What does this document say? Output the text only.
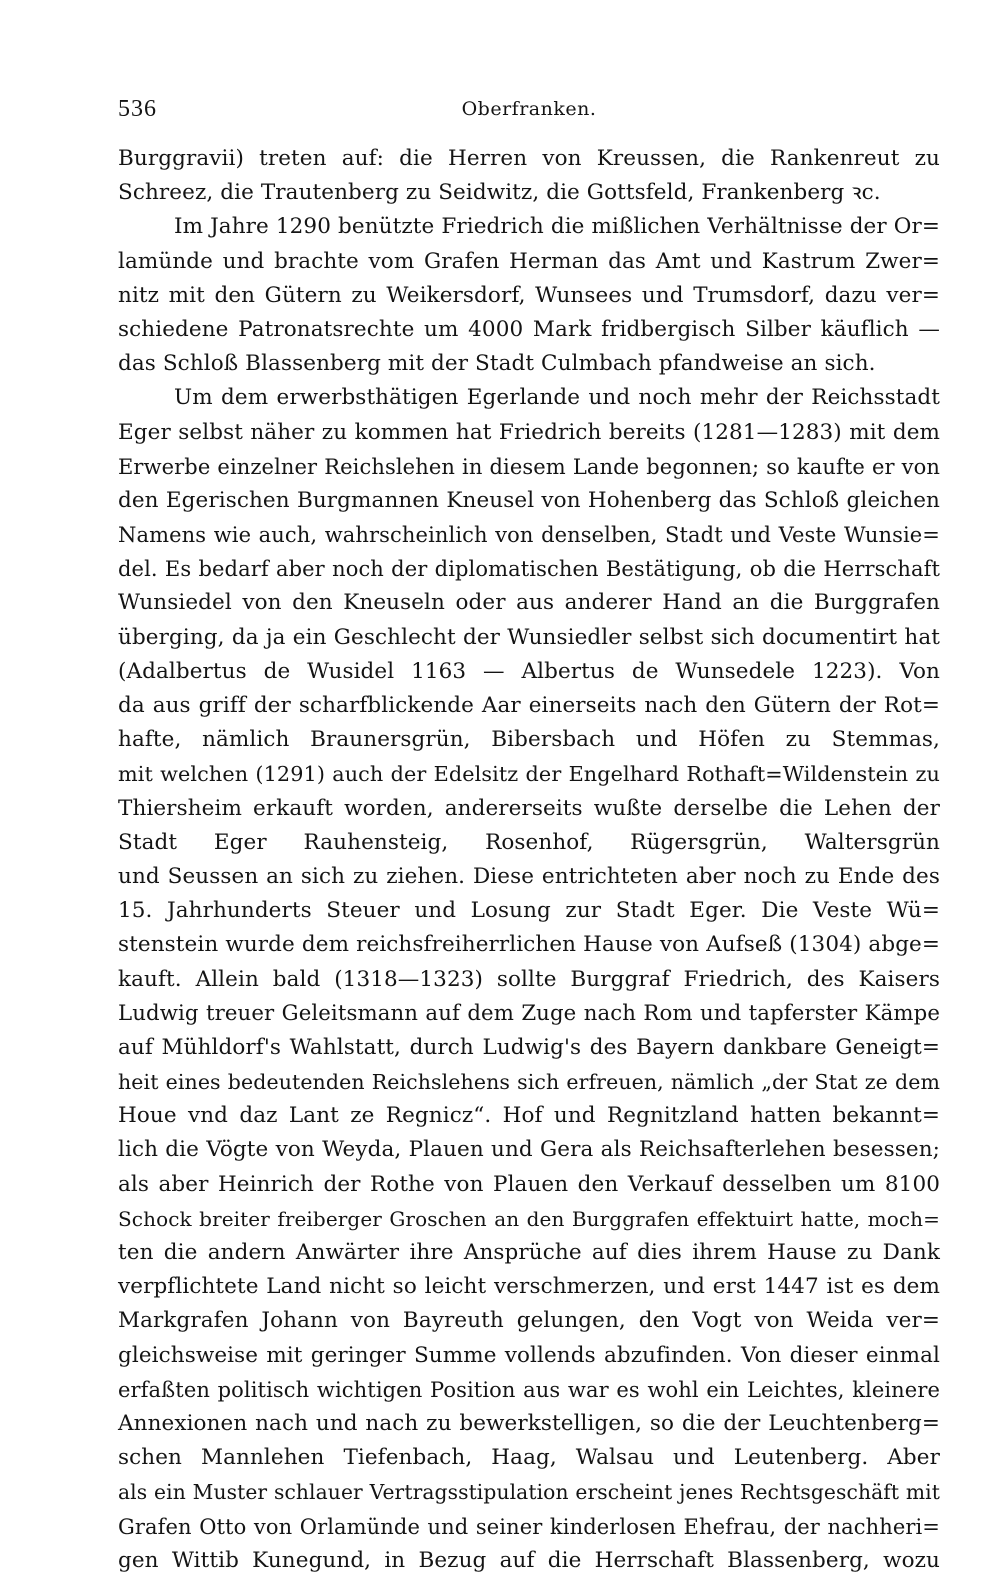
536	Oberfranken.
Burggravii) treten auf: die Herren von Kreussen, die Rankenreut zu
Schreez, die Trautenberg zu Seidwitz, die Gottsfeld, Frankenberg ꝛc.
Im Jahre 1290 benützte Friedrich die mißlichen Verhältnisse der Or=
lamünde und brachte vom Grafen Herman das Amt und Kastrum Zwer=
nitz mit den Gütern zu Weikersdorf, Wunsees und Trumsdorf, dazu ver=
schiedene Patronatsrechte um 4000 Mark fridbergisch Silber käuflich —
das Schloß Blassenberg mit der Stadt Culmbach pfandweise an sich.
Um dem erwerbsthätigen Egerlande und noch mehr der Reichsstadt
Eger selbst näher zu kommen hat Friedrich bereits (1281—1283) mit dem
Erwerbe einzelner Reichslehen in diesem Lande begonnen; so kaufte er von
den Egerischen Burgmannen Kneusel von Hohenberg das Schloß gleichen
Namens wie auch, wahrscheinlich von denselben, Stadt und Veste Wunsie=
del. Es bedarf aber noch der diplomatischen Bestätigung, ob die Herrschaft
Wunsiedel von den Kneuseln oder aus anderer Hand an die Burggrafen
überging, da ja ein Geschlecht der Wunsiedler selbst sich documentirt hat
(Adalbertus de Wusidel 1163 — Albertus de Wunsedele 1223). Von
da aus griff der scharfblickende Aar einerseits nach den Gütern der Rot=
hafte, nämlich Braunersgrün, Bibersbach und Höfen zu Stemmas,
mit welchen (1291) auch der Edelsitz der Engelhard Rothaft=Wildenstein zu
Thiersheim erkauft worden, andererseits wußte derselbe die Lehen der
Stadt Eger Rauhensteig, Rosenhof, Rügersgrün, Waltersgrün
und Seussen an sich zu ziehen. Diese entrichteten aber noch zu Ende des
15. Jahrhunderts Steuer und Losung zur Stadt Eger. Die Veste Wü=
stenstein wurde dem reichsfreiherrlichen Hause von Aufseß (1304) abge=
kauft. Allein bald (1318—1323) sollte Burggraf Friedrich, des Kaisers
Ludwig treuer Geleitsmann auf dem Zuge nach Rom und tapferster Kämpe
auf Mühldorf's Wahlstatt, durch Ludwig's des Bayern dankbare Geneigt=
heit eines bedeutenden Reichslehens sich erfreuen, nämlich „der Stat ze dem
Houe vnd daz Lant ze Regnicz“. Hof und Regnitzland hatten bekannt=
lich die Vögte von Weyda, Plauen und Gera als Reichsafterlehen besessen;
als aber Heinrich der Rothe von Plauen den Verkauf desselben um 8100
Schock breiter freiberger Groschen an den Burggrafen effektuirt hatte, moch=
ten die andern Anwärter ihre Ansprüche auf dies ihrem Hause zu Dank
verpflichtete Land nicht so leicht verschmerzen, und erst 1447 ist es dem
Markgrafen Johann von Bayreuth gelungen, den Vogt von Weida ver=
gleichsweise mit geringer Summe vollends abzufinden. Von dieser einmal
erfaßten politisch wichtigen Position aus war es wohl ein Leichtes, kleinere
Annexionen nach und nach zu bewerkstelligen, so die der Leuchtenberg=
schen Mannlehen Tiefenbach, Haag, Walsau und Leutenberg. Aber
als ein Muster schlauer Vertragsstipulation erscheint jenes Rechtsgeschäft mit
Grafen Otto von Orlamünde und seiner kinderlosen Ehefrau, der nachheri=
gen Wittib Kunegund, in Bezug auf die Herrschaft Blassenberg, wozu
